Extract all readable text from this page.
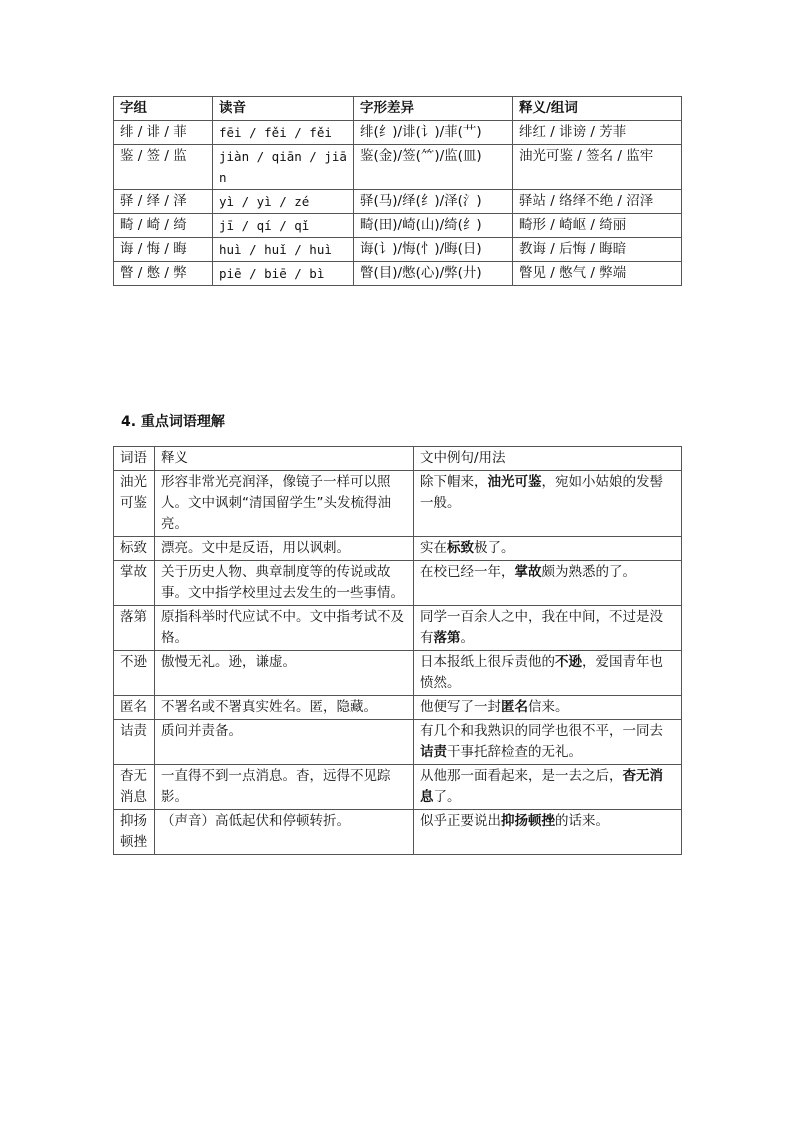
字组	读音	字形差异	释义/组词
绯 / 诽 / 菲	fēi / fěi / fěi	绯(纟)/诽(讠)/菲(艹)	绯红 / 诽谤 / 芳菲
鉴 / 签 / 监	jiàn / qiān / jiān	鉴(金)/签(⺮)/监(皿)	油光可鉴 / 签名 / 监牢
驿 / 绎 / 泽	yì / yì / zé	驿(马)/绎(纟)/泽(氵)	驿站 / 络绎不绝 / 沼泽
畸 / 崎 / 绮	jī / qí / qǐ	畸(田)/崎(山)/绮(纟)	畸形 / 崎岖 / 绮丽
诲 / 悔 / 晦	huì / huǐ / huì	诲(讠)/悔(忄)/晦(日)	教诲 / 后悔 / 晦暗
瞥 / 憋 / 弊	piē / biē / bì	瞥(目)/憋(心)/弊(廾)	瞥见 / 憋气 / 弊端
4. 重点词语理解
词语	释义	文中例句/用法
油光可鉴	形容非常光亮润泽，像镜子一样可以照人。文中讽刺“清国留学生”头发梳得油亮。	除下帽来，油光可鉴，宛如小姑娘的发髻一般。
标致	漂亮。文中是反语，用以讽刺。	实在标致极了。
掌故	关于历史人物、典章制度等的传说或故事。文中指学校里过去发生的一些事情。	在校已经一年，掌故颇为熟悉的了。
落第	原指科举时代应试不中。文中指考试不及格。	同学一百余人之中，我在中间，不过是没有落第。
不逊	傲慢无礼。逊，谦虚。	日本报纸上很斥责他的不逊，爱国青年也愤然。
匿名	不署名或不署真实姓名。匿，隐藏。	他便写了一封匿名信来。
诘责	质问并责备。	有几个和我熟识的同学也很不平，一同去诘责干事托辞检查的无礼。
杳无消息	一直得不到一点消息。杳，远得不见踪影。	从他那一面看起来，是一去之后，杳无消息了。
抑扬顿挫	（声音）高低起伏和停顿转折。	似乎正要说出抑扬顿挫的话来。
